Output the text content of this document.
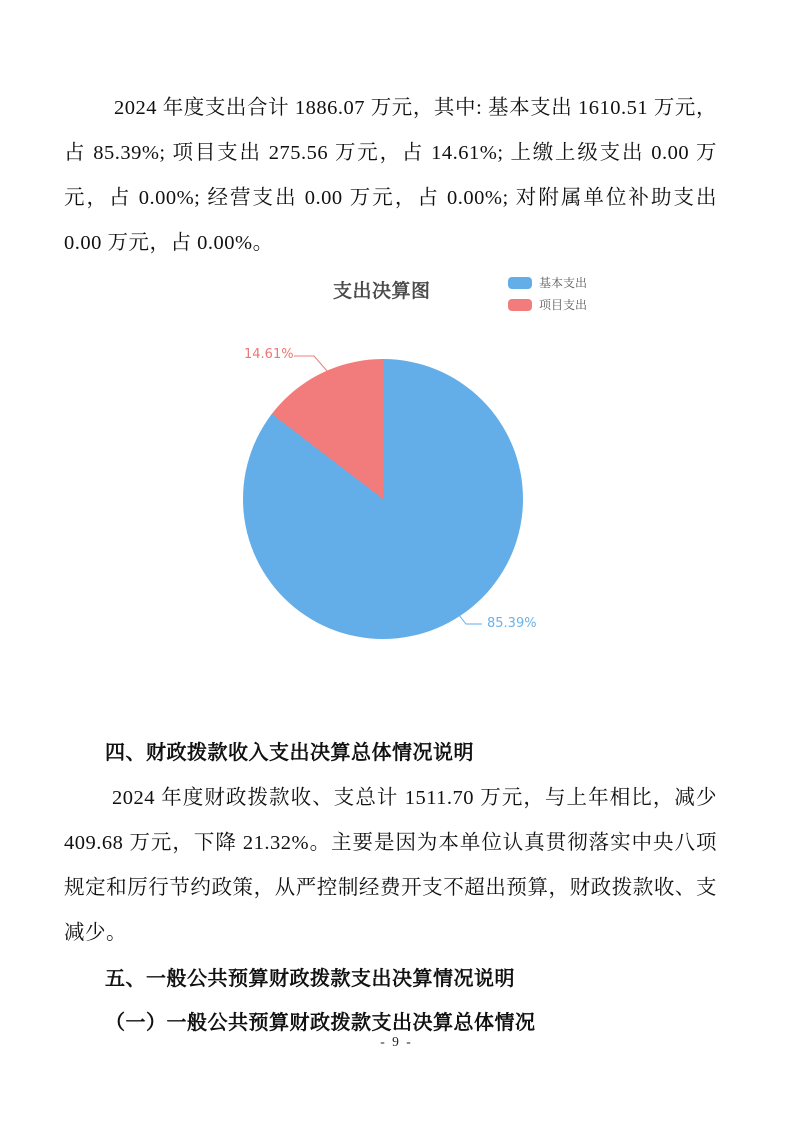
2024 年度支出合计 1886.07 万元，其中: 基本支出 1610.51 万元，占 85.39%; 项目支出 275.56 万元，占 14.61%; 上缴上级支出 0.00 万元，占 0.00%; 经营支出 0.00 万元，占 0.00%; 对附属单位补助支出 0.00 万元，占 0.00%。

支出决算图	基本支出
项目支出
14.61%
85.39%
四、财政拨款收入支出决算总体情况说明

2024 年度财政拨款收、支总计 1511.70 万元，与上年相比，减少 409.68 万元，下降 21.32%。主要是因为本单位认真贯彻落实中央八项规定和厉行节约政策，从严控制经费开支不超出预算，财政拨款收、支减少。

五、一般公共预算财政拨款支出决算情况说明
（一）一般公共预算财政拨款支出决算总体情况
- 9 -
